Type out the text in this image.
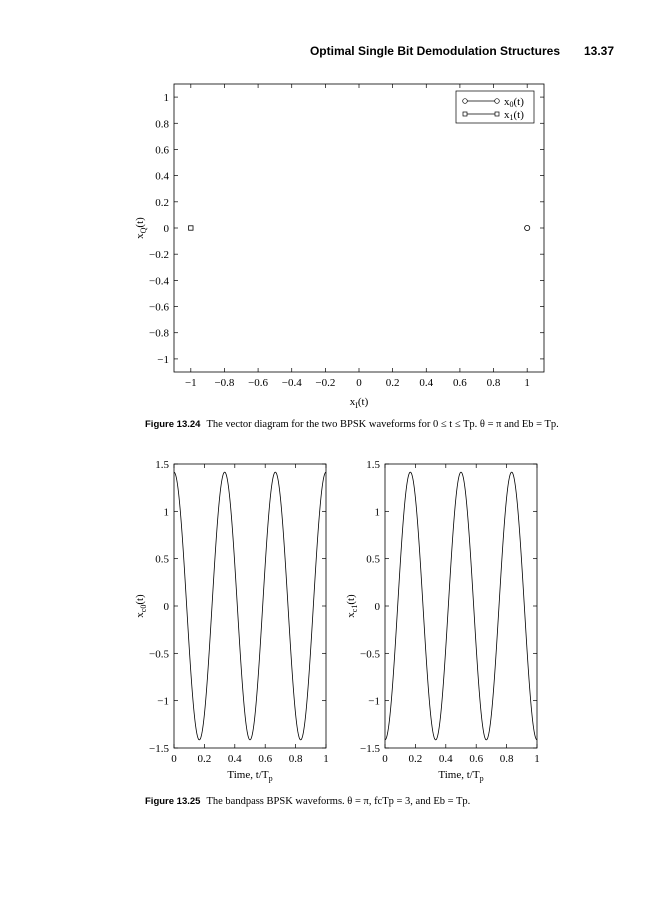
Optimal Single Bit Demodulation Structures 13.37
−1 −0.8 −0.6 −0.4 −0.2 0 0.2 0.4 0.6 0.8 1
1
0.8
0.6
0.4
0.2
0
−0.2
−0.4
−0.6
−0.8
−1
$x_I(t)$
$x_Q(t)$
x0(t)
x1(t)
0 0.2 0.4 0.6 0.8 1
1.5
1
0.5
0
−0.5
−1
−1.5
Time, $t/T_p$
$x_{c0}(t)$
0 0.2 0.4 0.6 0.8 1
1.5
1
0.5
0
−0.5
−1
−1.5
Time, $t/T_p$
$x_{c1}(t)$
Figure 13.24 The vector diagram for the two BPSK waveforms for 0 ≤ t ≤ Tp. θ = π and Eb = Tp.
Figure 13.25 The bandpass BPSK waveforms. θ = π, fcTp = 3, and Eb = Tp.
